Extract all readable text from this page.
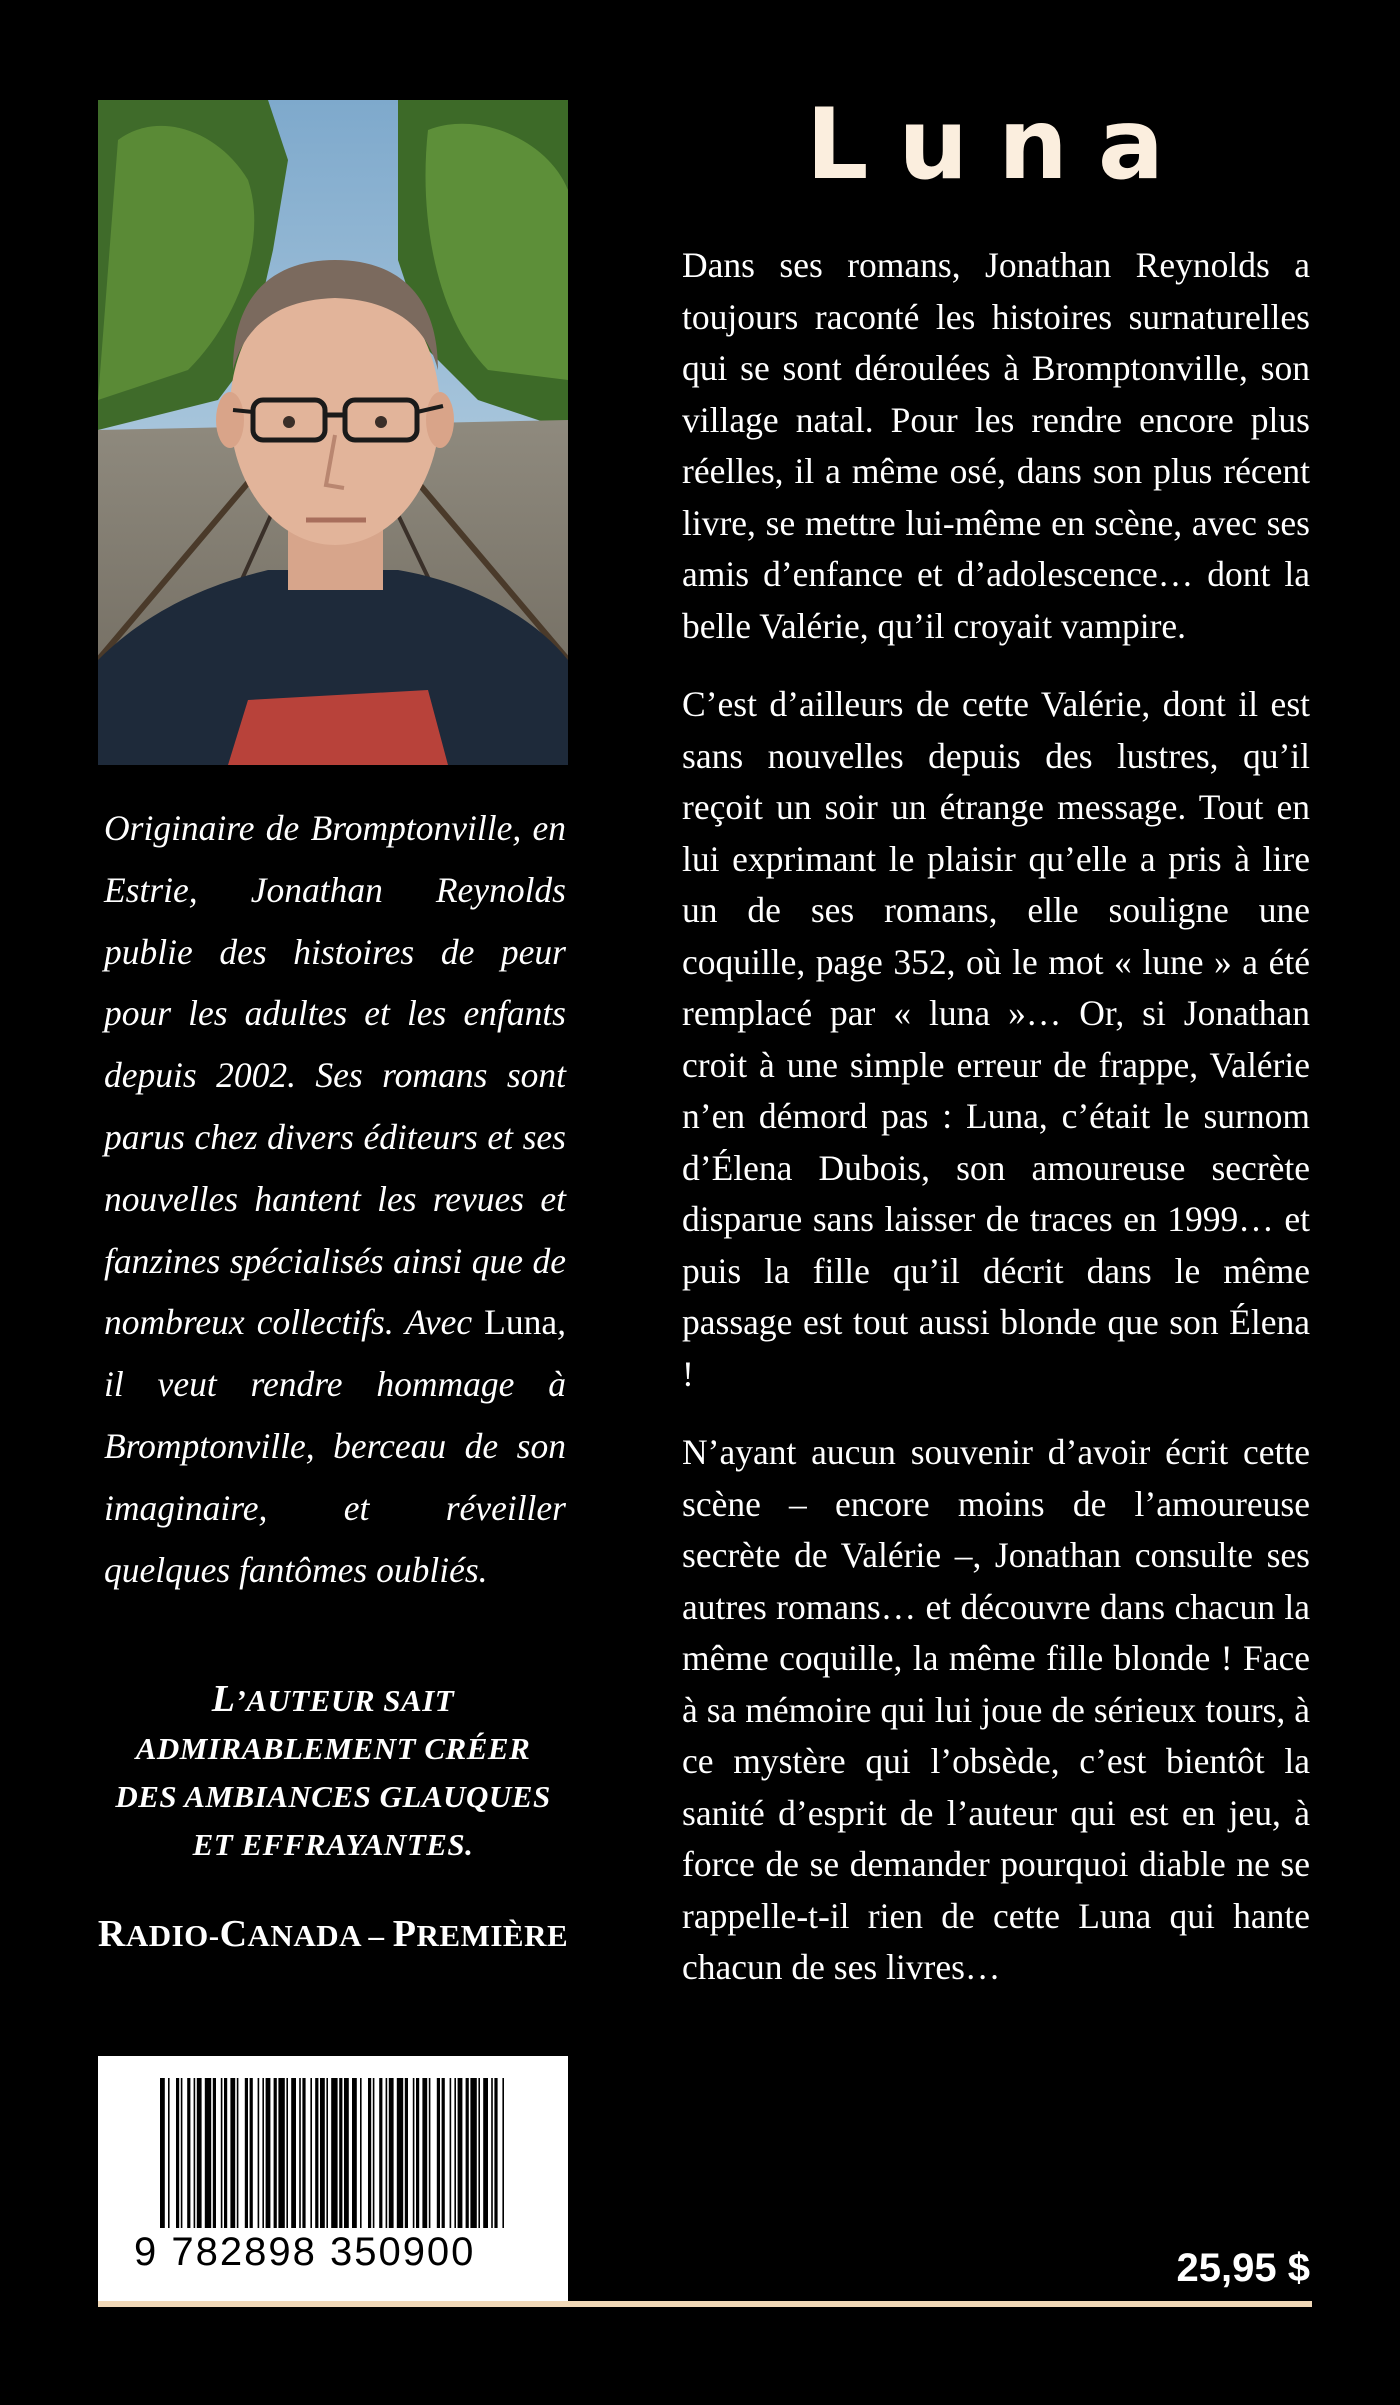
Originaire de Bromptonville, en Estrie, Jonathan Reynolds publie des histoires de peur pour les adultes et les enfants depuis 2002. Ses romans sont parus chez divers éditeurs et ses nouvelles hantent les revues et fanzines spécialisés ainsi que de nombreux collectifs. Avec Luna, il veut rendre hommage à Bromptonville, berceau de son imaginaire, et réveiller quelques fantômes oubliés.
L’AUTEUR SAIT
ADMIRABLEMENT CRÉER
DES AMBIANCES GLAUQUES
ET EFFRAYANTES.
RADIO-CANADA – PREMIÈRE
9 782898 350900
Luna

Dans ses romans, Jonathan Reynolds a toujours raconté les histoires surnaturelles qui se sont déroulées à Bromptonville, son village natal. Pour les rendre encore plus réelles, il a même osé, dans son plus récent livre, se mettre lui-même en scène, avec ses amis d’enfance et d’adolescence… dont la belle Valérie, qu’il croyait vampire.

C’est d’ailleurs de cette Valérie, dont il est sans nouvelles depuis des lustres, qu’il reçoit un soir un étrange message. Tout en lui exprimant le plaisir qu’elle a pris à lire un de ses romans, elle souligne une coquille, page 352, où le mot « lune » a été remplacé par « luna »… Or, si Jonathan croit à une simple erreur de frappe, Valérie n’en démord pas : Luna, c’était le surnom d’Élena Dubois, son amoureuse secrète disparue sans laisser de traces en 1999… et puis la fille qu’il décrit dans le même passage est tout aussi blonde que son Élena !

N’ayant aucun souvenir d’avoir écrit cette scène – encore moins de l’amoureuse secrète de Valérie –, Jonathan consulte ses autres romans… et découvre dans chacun la même coquille, la même fille blonde ! Face à sa mémoire qui lui joue de sérieux tours, à ce mystère qui l’obsède, c’est bientôt la sanité d’esprit de l’auteur qui est en jeu, à force de se demander pourquoi diable ne se rappelle-t-il rien de cette Luna qui hante chacun de ses livres…

25,95 $
